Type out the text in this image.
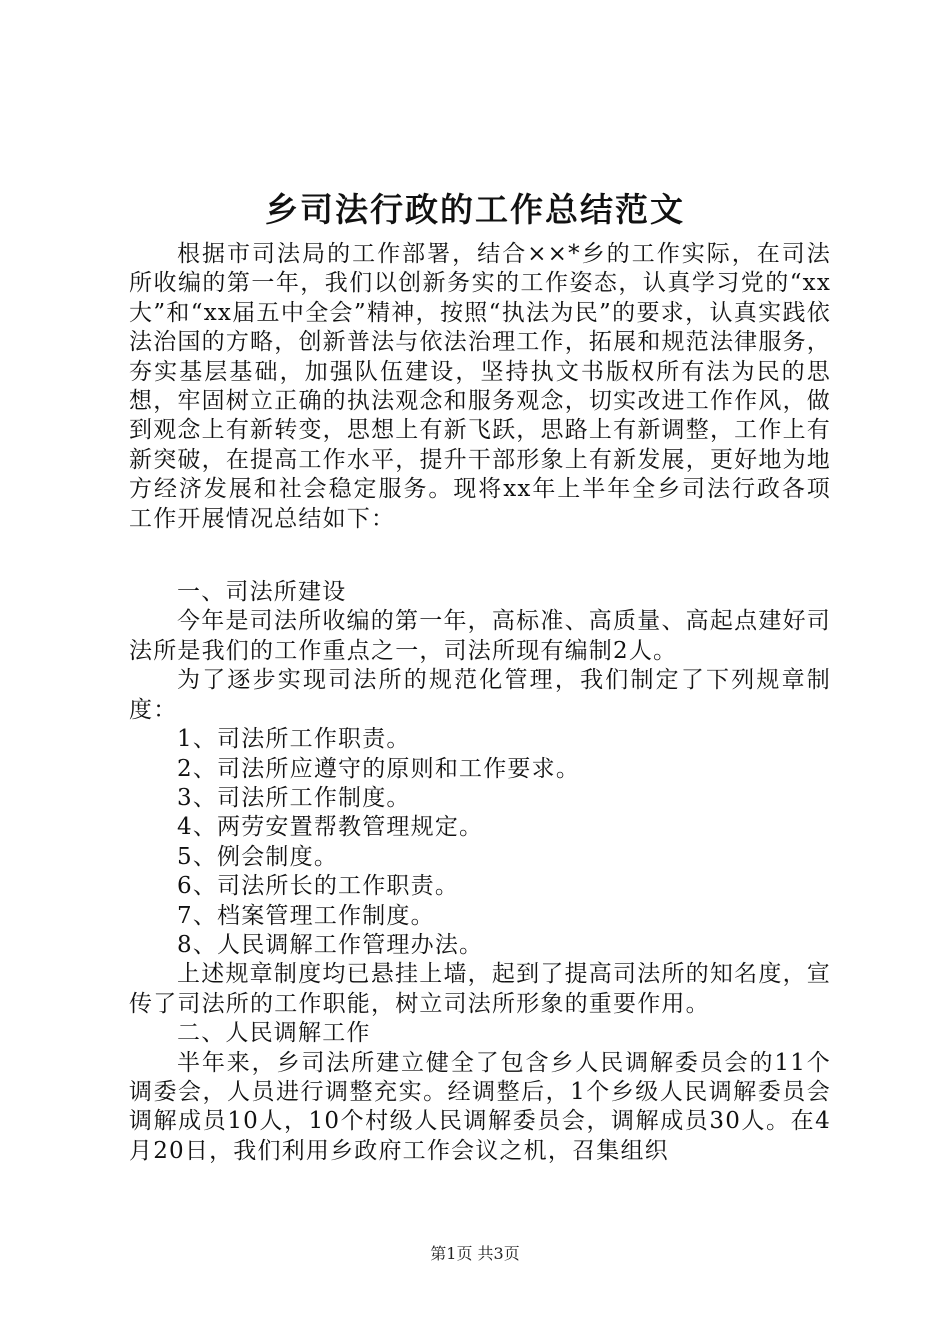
乡司法行政的工作总结范文

根据市司法局的工作部署，结合××*乡的工作实际，在司法所收编的第一年，我们以创新务实的工作姿态，认真学习党的“xx大”和“xx届五中全会”精神，按照“执法为民”的要求，认真实践依法治国的方略，创新普法与依法治理工作，拓展和规范法律服务，夯实基层基础，加强队伍建设，坚持执文书版权所有法为民的思想，牢固树立正确的执法观念和服务观念，切实改进工作作风，做到观念上有新转变，思想上有新飞跃，思路上有新调整，工作上有新突破，在提高工作水平，提升干部形象上有新发展，更好地为地方经济发展和社会稳定服务。现将xx年上半年全乡司法行政各项工作开展情况总结如下：

一、司法所建设

今年是司法所收编的第一年，高标准、高质量、高起点建好司法所是我们的工作重点之一，司法所现有编制2人。

为了逐步实现司法所的规范化管理，我们制定了下列规章制度：

1、司法所工作职责。

2、司法所应遵守的原则和工作要求。

3、司法所工作制度。

4、两劳安置帮教管理规定。

5、例会制度。

6、司法所长的工作职责。

7、档案管理工作制度。

8、人民调解工作管理办法。

上述规章制度均已悬挂上墙，起到了提高司法所的知名度，宣传了司法所的工作职能，树立司法所形象的重要作用。

二、人民调解工作

半年来，乡司法所建立健全了包含乡人民调解委员会的11个调委会，人员进行调整充实。经调整后，1个乡级人民调解委员会调解成员10人，10个村级人民调解委员会，调解成员30人。在4月20日，我们利用乡政府工作会议之机，召集组织

第1页 共3页
